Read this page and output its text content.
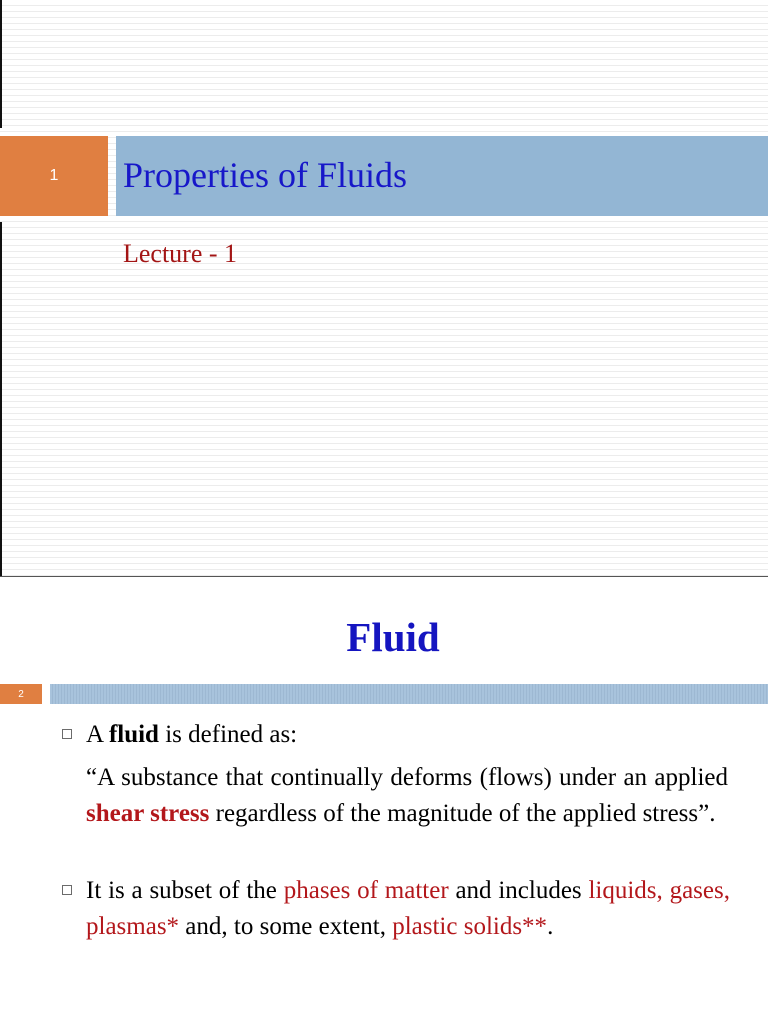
1 Properties of Fluids
Lecture - 1
Fluid
2
A fluid is defined as:
“A substance that continually deforms (flows) under an applied shear stress regardless of the magnitude of the applied stress”.
It is a subset of the phases of matter and includes liquids, gases, plasmas* and, to some extent, plastic solids**.
